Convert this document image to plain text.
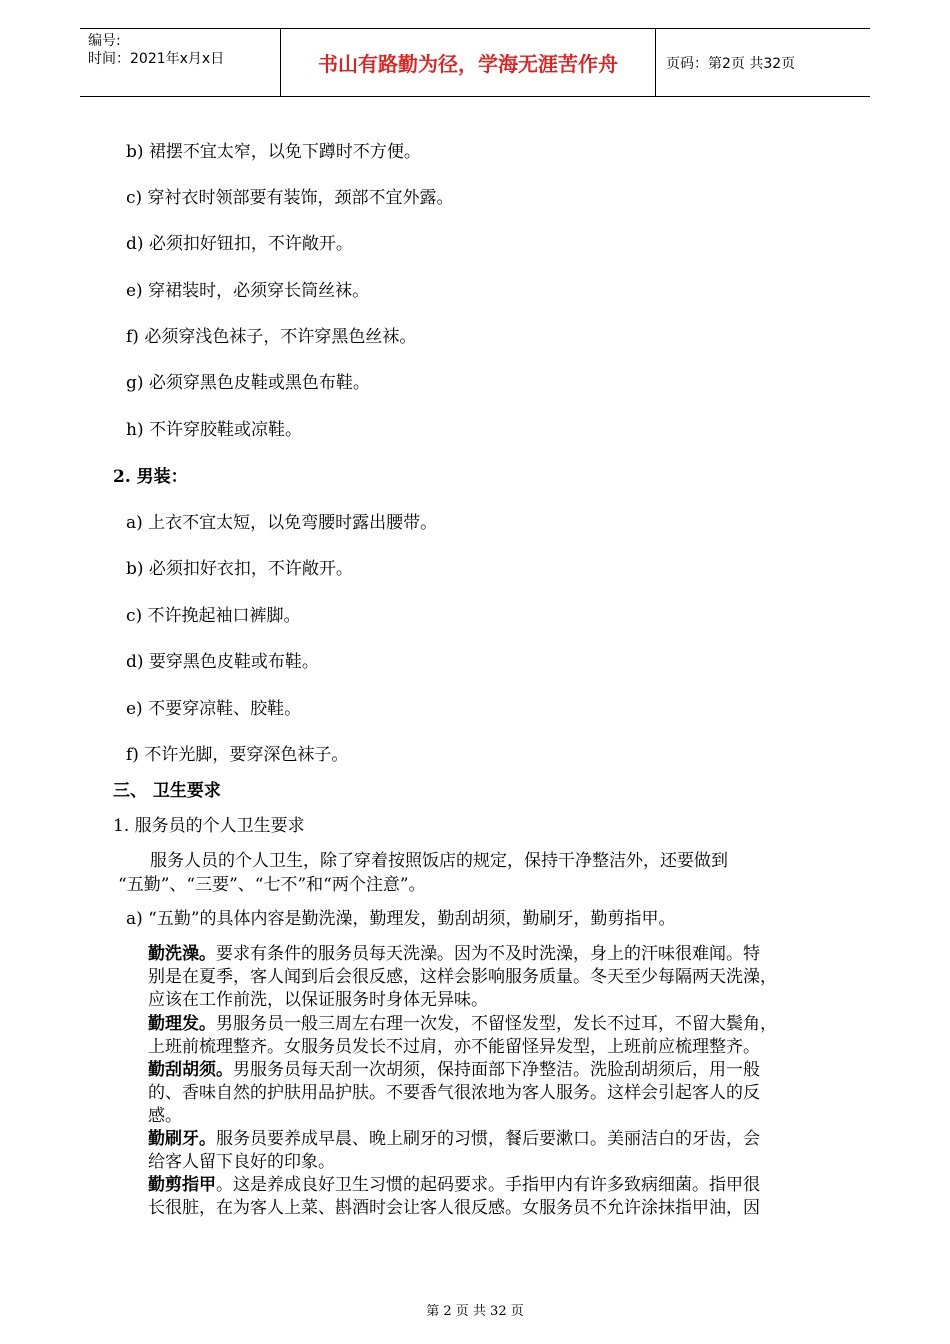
编号:
时间：2021年x月x日	书山有路勤为径，学海无涯苦作舟	页码：第2页 共32页
b) 裙摆不宜太窄，以免下蹲时不方便。
c) 穿衬衣时领部要有装饰，颈部不宜外露。
d) 必须扣好钮扣，不许敞开。
e) 穿裙装时，必须穿长筒丝袜。
f) 必须穿浅色袜子，不许穿黑色丝袜。
g) 必须穿黑色皮鞋或黑色布鞋。
h) 不许穿胶鞋或凉鞋。
2. 男装：
a) 上衣不宜太短，以免弯腰时露出腰带。
b) 必须扣好衣扣，不许敞开。
c) 不许挽起袖口裤脚。
d) 要穿黑色皮鞋或布鞋。
e) 不要穿凉鞋、胶鞋。
f) 不许光脚，要穿深色袜子。
三、 卫生要求
1. 服务员的个人卫生要求
服务人员的个人卫生，除了穿着按照饭店的规定，保持干净整洁外，还要做到
“五勤”、“三要”、“七不”和“两个注意”。
a) “五勤”的具体内容是勤洗澡，勤理发，勤刮胡须，勤刷牙，勤剪指甲。
勤洗澡。要求有条件的服务员每天洗澡。因为不及时洗澡，身上的汗味很难闻。特
别是在夏季，客人闻到后会很反感，这样会影响服务质量。冬天至少每隔两天洗澡，
应该在工作前洗，以保证服务时身体无异味。
勤理发。男服务员一般三周左右理一次发，不留怪发型，发长不过耳，不留大鬓角，
上班前梳理整齐。女服务员发长不过肩，亦不能留怪异发型，上班前应梳理整齐。
勤刮胡须。男服务员每天刮一次胡须，保持面部下净整洁。洗脸刮胡须后，用一般
的、香味自然的护肤用品护肤。不要香气很浓地为客人服务。这样会引起客人的反
感。
勤刷牙。服务员要养成早晨、晚上刷牙的习惯，餐后要漱口。美丽洁白的牙齿，会
给客人留下良好的印象。
勤剪指甲。这是养成良好卫生习惯的起码要求。手指甲内有许多致病细菌。指甲很
长很脏，在为客人上菜、斟酒时会让客人很反感。女服务员不允许涂抹指甲油，因
第 2 页 共 32 页
